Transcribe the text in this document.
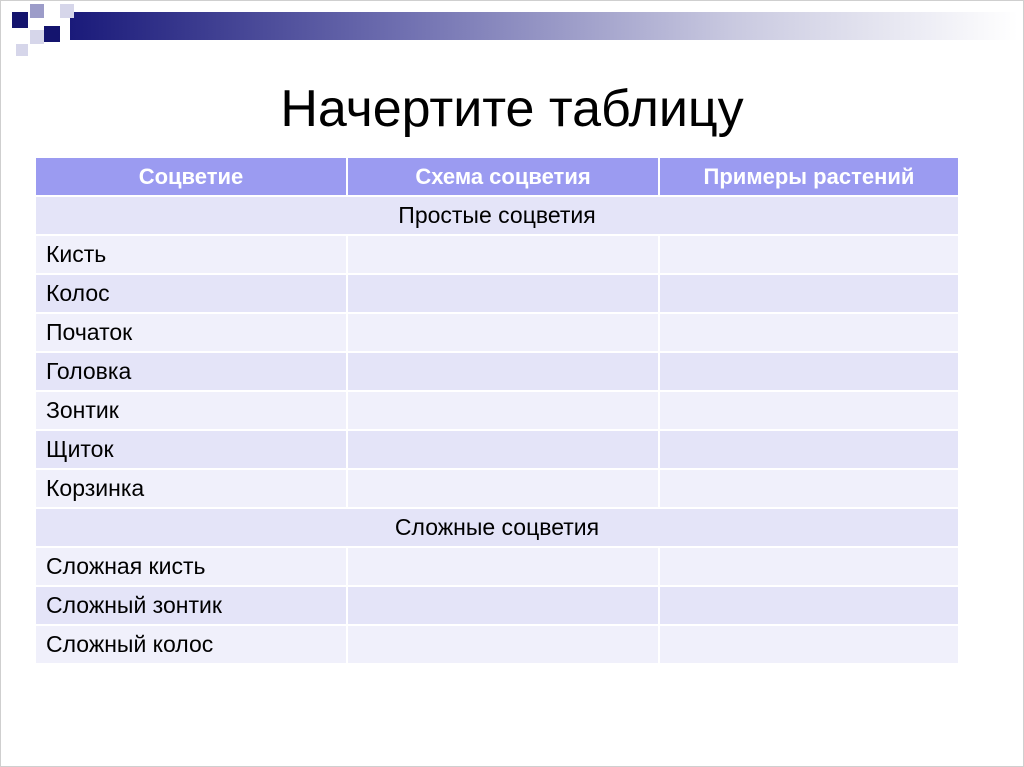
Начертите таблицу
Соцветие	Схема соцветия	Примеры растений
Простые соцветия		
Кисть		
Колос		
Початок		
Головка		
Зонтик		
Щиток		
Корзинка		
Сложные соцветия		
Сложная кисть		
Сложный зонтик		
Сложный колос		
